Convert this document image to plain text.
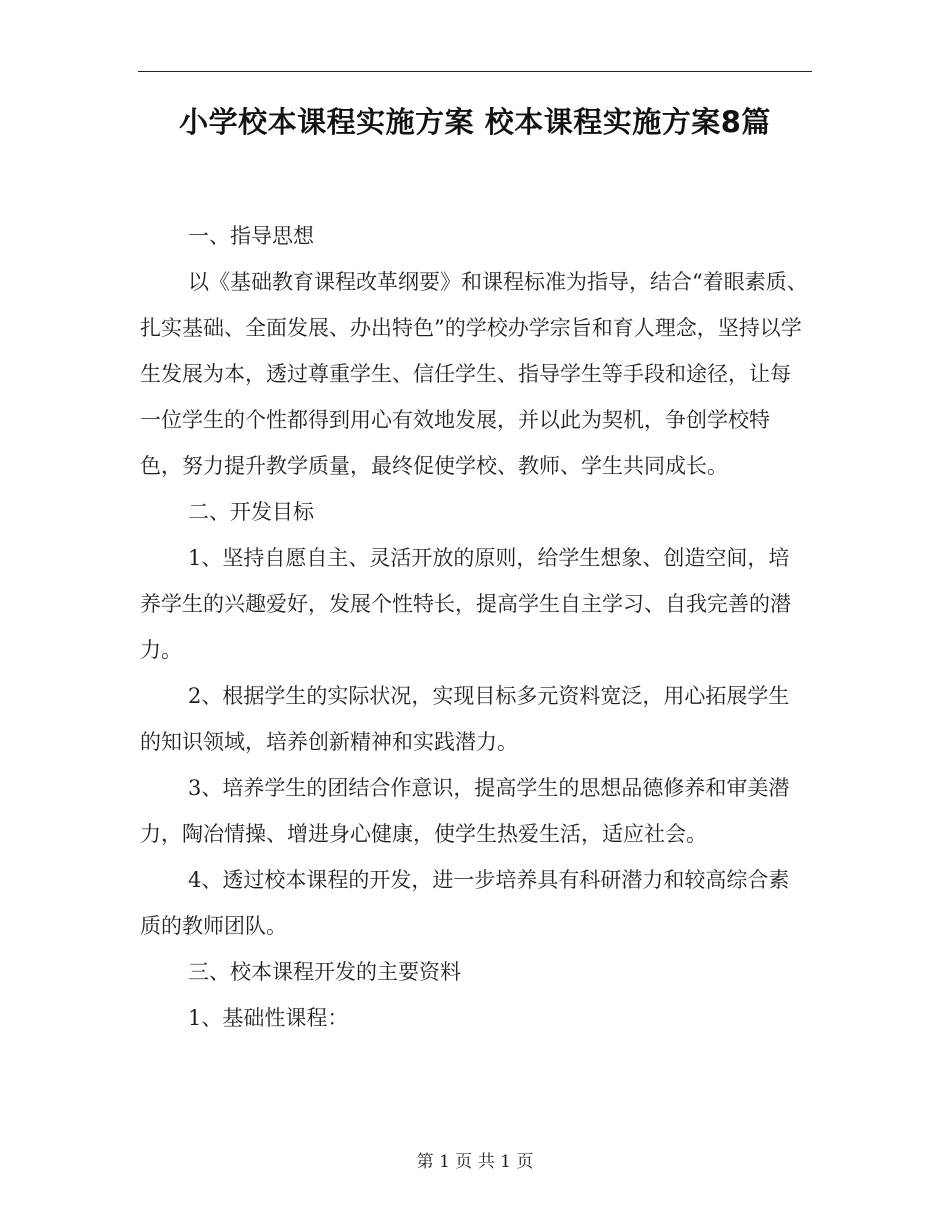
小学校本课程实施方案 校本课程实施方案8篇

一、指导思想

以《基础教育课程改革纲要》和课程标准为指导，结合“着眼素质、扎实基础、全面发展、办出特色”的学校办学宗旨和育人理念，坚持以学生发展为本，透过尊重学生、信任学生、指导学生等手段和途径，让每一位学生的个性都得到用心有效地发展，并以此为契机，争创学校特色，努力提升教学质量，最终促使学校、教师、学生共同成长。

二、开发目标

1、坚持自愿自主、灵活开放的原则，给学生想象、创造空间，培养学生的兴趣爱好，发展个性特长，提高学生自主学习、自我完善的潜力。

2、根据学生的实际状况，实现目标多元资料宽泛，用心拓展学生的知识领域，培养创新精神和实践潜力。

3、培养学生的团结合作意识，提高学生的思想品德修养和审美潜力，陶冶情操、增进身心健康，使学生热爱生活，适应社会。

4、透过校本课程的开发，进一步培养具有科研潜力和较高综合素质的教师团队。

三、校本课程开发的主要资料

1、基础性课程：

第 1 页 共 1 页
